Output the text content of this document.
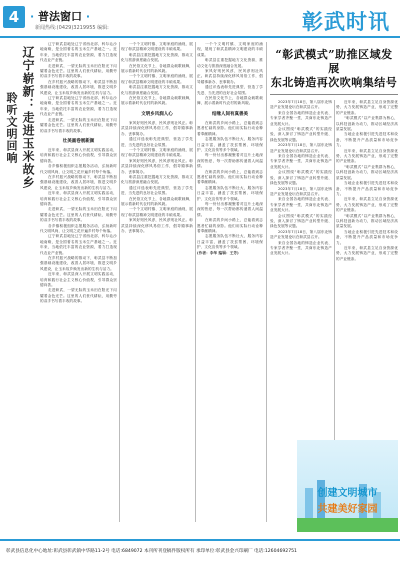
4 · 普法窗口 ·
新闻热线:(0429)3219955 编辑:	彰武时讯
辽宁崭新：走进玉米故乡
聆听文明回响

辽宁彰武县地处辽宁省西北部，科尔沁沙地南缘，是全国著名的玉米生产基地之一。近年来，当地依托丰富的农业资源，着力打造现代农业产业链。

走进彰武，一望无际的玉米田在阳光下闪耀着金色光芒。这里的人们世代耕耘，用勤劳的双手书写着丰收的故事。

在乡村振兴战略的推动下，彰武县不断加强基础设施建设，改善人居环境，推进文明乡风建设，让玉米故乡焕发出新的生机与活力。

辽宁彰武县地处辽宁省西北部，科尔沁沙地南缘，是全国著名的玉米生产基地之一。近年来，当地依托丰富的农业资源，着力打造现代农业产业链。

走进彰武，一望无际的玉米田在阳光下闪耀着金色光芒。这里的人们世代耕耘，用勤劳的双手书写着丰收的故事。

壮美画卷展新颜

近年来，彰武县深入开展文明实践活动，培育和践行社会主义核心价值观，引导群众崇德向善。

各乡镇积极组织志愿服务活动，弘扬新时代文明风尚，让文明之花开遍乡村每个角落。

在乡村振兴战略的推动下，彰武县不断加强基础设施建设，改善人居环境，推进文明乡风建设，让玉米故乡焕发出新的生机与活力。

近年来，彰武县深入开展文明实践活动，培育和践行社会主义核心价值观，引导群众崇德向善。

走进彰武，一望无际的玉米田在阳光下闪耀着金色光芒。这里的人们世代耕耘，用勤劳的双手书写着丰收的故事。

各乡镇积极组织志愿服务活动，弘扬新时代文明风尚，让文明之花开遍乡村每个角落。

辽宁彰武县地处辽宁省西北部，科尔沁沙地南缘，是全国著名的玉米生产基地之一。近年来，当地依托丰富的农业资源，着力打造现代农业产业链。

在乡村振兴战略的推动下，彰武县不断加强基础设施建设，改善人居环境，推进文明乡风建设，让玉米故乡焕发出新的生机与活力。

近年来，彰武县深入开展文明实践活动，培育和践行社会主义核心价值观，引导群众崇德向善。

走进彰武，一望无际的玉米田在阳光下闪耀着金色光芒。这里的人们世代耕耘，用勤劳的双手书写着丰收的故事。

一个个文明村镇、文明家庭的涌现，展现了彰武县精神文明建设的丰硕成果。

彰武县注重挖掘地方文化资源，推动文化与旅游深度融合发展。

在民俗文化节上，各地群众载歌载舞，展示着新时代农村的新风貌。

一个个文明村镇、文明家庭的涌现，展现了彰武县精神文明建设的丰硕成果。

彰武县注重挖掘地方文化资源，推动文化与旅游深度融合发展。

在民俗文化节上，各地群众载歌载舞，展示着新时代农村的新风貌。

文明乡风润人心

家风好则民风淳，民风淳则社风正。彰武县持续深化移风易俗工作，倡导婚事新办、丧事简办。

通过评选表彰先进典型，营造了学先进、当先进的良好社会氛围。

一个个文明村镇、文明家庭的涌现，展现了彰武县精神文明建设的丰硕成果。

家风好则民风淳，民风淳则社风正。彰武县持续深化移风易俗工作，倡导婚事新办、丧事简办。

彰武县注重挖掘地方文化资源，推动文化与旅游深度融合发展。

通过评选表彰先进典型，营造了学先进、当先进的良好社会氛围。

在民俗文化节上，各地群众载歌载舞，展示着新时代农村的新风貌。

一个个文明村镇、文明家庭的涌现，展现了彰武县精神文明建设的丰硕成果。

家风好则民风淳，民风淳则社风正。彰武县持续深化移风易俗工作，倡导婚事新办、丧事简办。

一个个文明村镇、文明家庭的涌现，展现了彰武县精神文明建设的丰硕成果。

彰武县注重挖掘地方文化资源，推动文化与旅游深度融合发展。

家风好则民风淳，民风淳则社风正。彰武县持续深化移风易俗工作，倡导婚事新办、丧事简办。

通过评选表彰先进典型，营造了学先进、当先进的良好社会氛围。

在民俗文化节上，各地群众载歌载舞，展示着新时代农村的新风貌。

结缘人间有真善美

在彰武的乡间小路上，总能看到志愿者忙碌的身影。他们用实际行动诠释着奉献精神。

志愿服务队伍不断壮大，服务内容日益丰富，涵盖了扶贫帮困、环境保护、文化宣传等多个领域。

每一份付出都凝聚着对这片土地深深的热爱，每一次帮助都传递着人间温情。

在彰武的乡间小路上，总能看到志愿者忙碌的身影。他们用实际行动诠释着奉献精神。

志愿服务队伍不断壮大，服务内容日益丰富，涵盖了扶贫帮困、环境保护、文化宣传等多个领域。

每一份付出都凝聚着对这片土地深深的热爱，每一次帮助都传递着人间温情。

在彰武的乡间小路上，总能看到志愿者忙碌的身影。他们用实际行动诠释着奉献精神。

志愿服务队伍不断壮大，服务内容日益丰富，涵盖了扶贫帮困、环境保护、文化宣传等多个领域。

(作者：李华 编辑：王芳)

“彰武模式”助推区域发展
东北铸造再次吹响集结号

2023年7月18日，第八届东北铸造产业发展论坛在彰武县召开。

来自全国各地的铸造企业代表、专家学者齐聚一堂，共商东北铸造产业发展大计。

会议围绕“彰武模式”的实践经验，深入探讨了铸造产业转型升级、绿色发展等议题。

2023年7月18日，第八届东北铸造产业发展论坛在彰武县召开。

来自全国各地的铸造企业代表、专家学者齐聚一堂，共商东北铸造产业发展大计。

会议围绕“彰武模式”的实践经验，深入探讨了铸造产业转型升级、绿色发展等议题。

2023年7月18日，第八届东北铸造产业发展论坛在彰武县召开。

来自全国各地的铸造企业代表、专家学者齐聚一堂，共商东北铸造产业发展大计。

会议围绕“彰武模式”的实践经验，深入探讨了铸造产业转型升级、绿色发展等议题。

2023年7月18日，第八届东北铸造产业发展论坛在彰武县召开。

来自全国各地的铸造企业代表、专家学者齐聚一堂，共商东北铸造产业发展大计。

近年来，彰武县立足自身资源优势，大力发展铸造产业，形成了完整的产业链条。

“彰武模式”以产业集群为核心，以科技创新为动力，推动区域经济高质量发展。

当地企业积极引进先进技术和设备，不断提升产品质量和市场竞争力。

近年来，彰武县立足自身资源优势，大力发展铸造产业，形成了完整的产业链条。

“彰武模式”以产业集群为核心，以科技创新为动力，推动区域经济高质量发展。

当地企业积极引进先进技术和设备，不断提升产品质量和市场竞争力。

近年来，彰武县立足自身资源优势，大力发展铸造产业，形成了完整的产业链条。

“彰武模式”以产业集群为核心，以科技创新为动力，推动区域经济高质量发展。

当地企业积极引进先进技术和设备，不断提升产品质量和市场竞争力。

近年来，彰武县立足自身资源优势，大力发展铸造产业，形成了完整的产业链条。

创建文明城市
共建美好家园
彰武县信息化中心地址:彰武县彰武镇中华路11-2号 电话:6849072 本刊所刊登稿件版权所有 承印单位:彰武县金兴印刷厂 电话:12604692751
